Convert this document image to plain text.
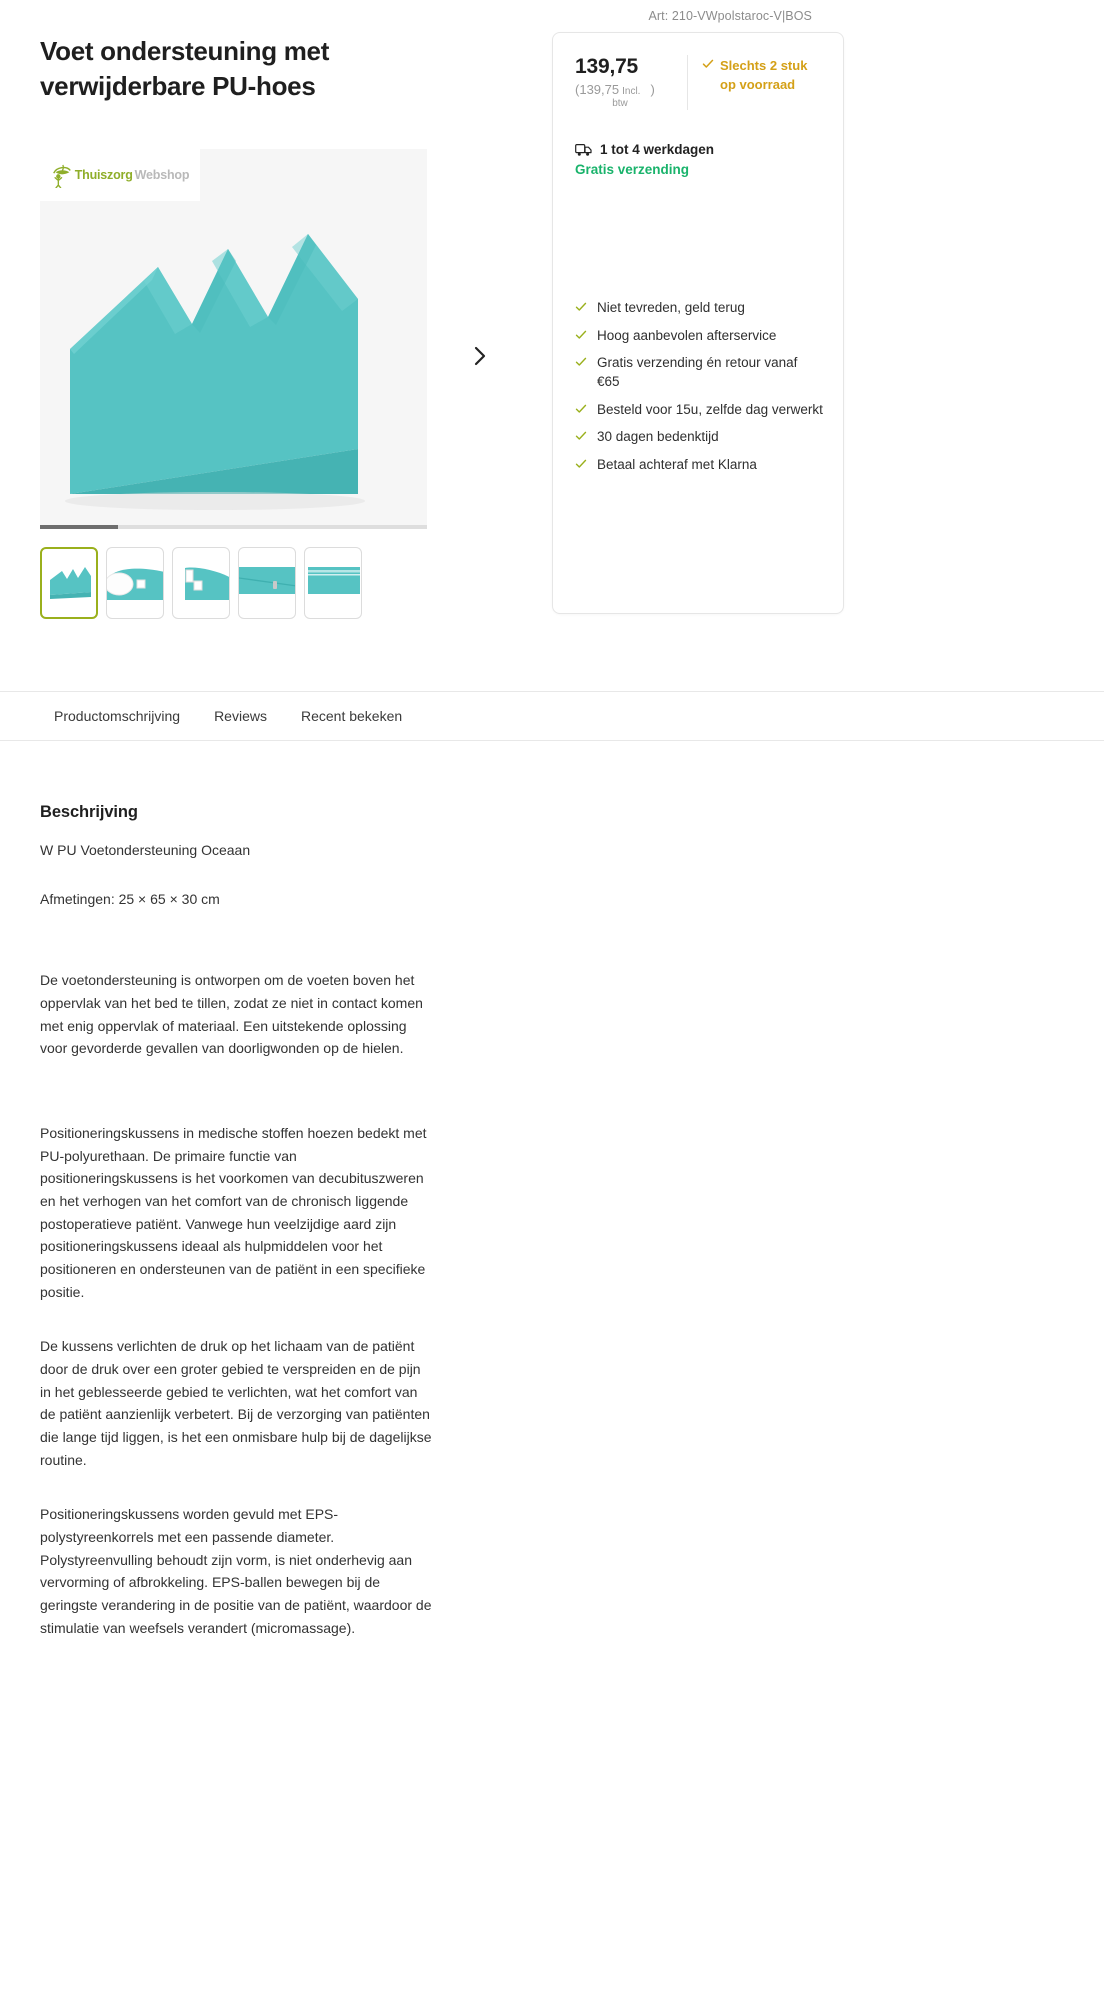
Art: 210-VWpolstaroc-V|BOS
Voet ondersteuning met verwijderbare PU-hoes
Thuiszorg Webshop
139,75
( 139,75 Incl. )
btw
Slechts 2 stuk op voorraad
1 tot 4 werkdagen
Gratis verzending
Niet tevreden, geld terug
Hoog aanbevolen afterservice
Gratis verzending én retour vanaf €65
Besteld voor 15u, zelfde dag verwerkt
30 dagen bedenktijd
Betaal achteraf met Klarna
Productomschrijving Reviews Recent bekeken
Beschrijving
W PU Voetondersteuning Oceaan
Afmetingen: 25 × 65 × 30 cm

De voetondersteuning is ontworpen om de voeten boven het oppervlak van het bed te tillen, zodat ze niet in contact komen met enig oppervlak of materiaal. Een uitstekende oplossing voor gevorderde gevallen van doorligwonden op de hielen.

Positioneringskussens in medische stoffen hoezen bedekt met PU-polyurethaan. De primaire functie van positioneringskussens is het voorkomen van decubituszweren en het verhogen van het comfort van de chronisch liggende postoperatieve patiënt. Vanwege hun veelzijdige aard zijn positioneringskussens ideaal als hulpmiddelen voor het positioneren en ondersteunen van de patiënt in een specifieke positie.

De kussens verlichten de druk op het lichaam van de patiënt door de druk over een groter gebied te verspreiden en de pijn in het geblesseerde gebied te verlichten, wat het comfort van de patiënt aanzienlijk verbetert. Bij de verzorging van patiënten die lange tijd liggen, is het een onmisbare hulp bij de dagelijkse routine.

Positioneringskussens worden gevuld met EPS-polystyreenkorrels met een passende diameter. Polystyreenvulling behoudt zijn vorm, is niet onderhevig aan vervorming of afbrokkeling. EPS-ballen bewegen bij de geringste verandering in de positie van de patiënt, waardoor de stimulatie van weefsels verandert (micromassage).
